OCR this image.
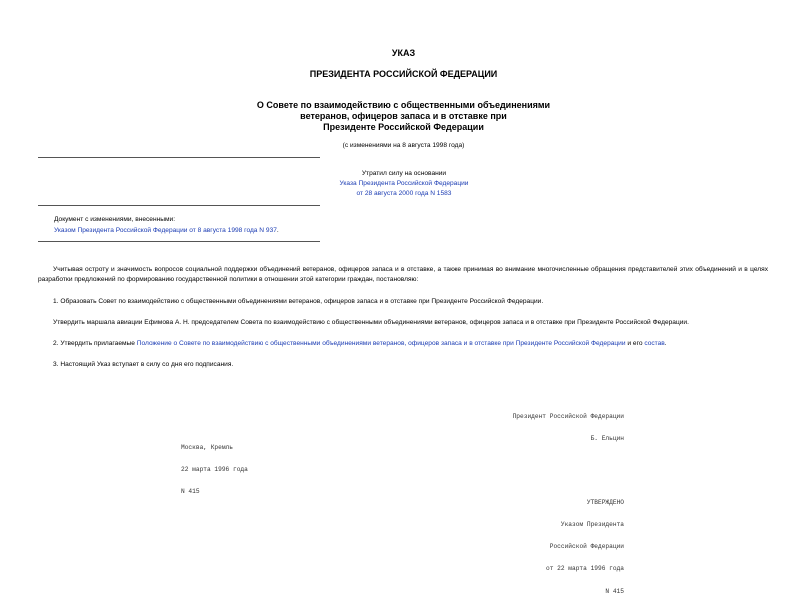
УКАЗ
ПРЕЗИДЕНТА РОССИЙСКОЙ ФЕДЕРАЦИИ
О Совете по взаимодействию с общественными объединениями
ветеранов, офицеров запаса и в отставке при
Президенте Российской Федерации
(с изменениями на 8 августа 1998 года)
Утратил силу на основании
Указа Президента Российской Федерации
от 28 августа 2000 года N 1583
Документ с изменениями, внесенными:
Указом Президента Российской Федерации от 8 августа 1998 года N 937.
Учитывая остроту и значимость вопросов социальной поддержки объединений ветеранов, офицеров запаса и в отставке, а также принимая во внимание многочисленные обращения представителей этих объединений и в целях разработки предложений по формированию государственной политики в отношении этой категории граждан, постановляю:
1. Образовать Совет по взаимодействию с общественными объединениями ветеранов, офицеров запаса и в отставке при Президенте Российской Федерации.
Утвердить маршала авиации Ефимова А. Н. председателем Совета по взаимодействию с общественными объединениями ветеранов, офицеров запаса и в отставке при Президенте Российской Федерации.
2. Утвердить прилагаемые Положение о Совете по взаимодействию с общественными объединениями ветеранов, офицеров запаса и в отставке при Президенте Российской Федерации и его состав.
3. Настоящий Указ вступает в силу со дня его подписания.

Президент Российской Федерации

Б. Ельцин

Москва, Кремль

22 марта 1996 года

N 415

УТВЕРЖДЕНО

Указом Президента

Российской Федерации

от 22 марта 1996 года

N 415
